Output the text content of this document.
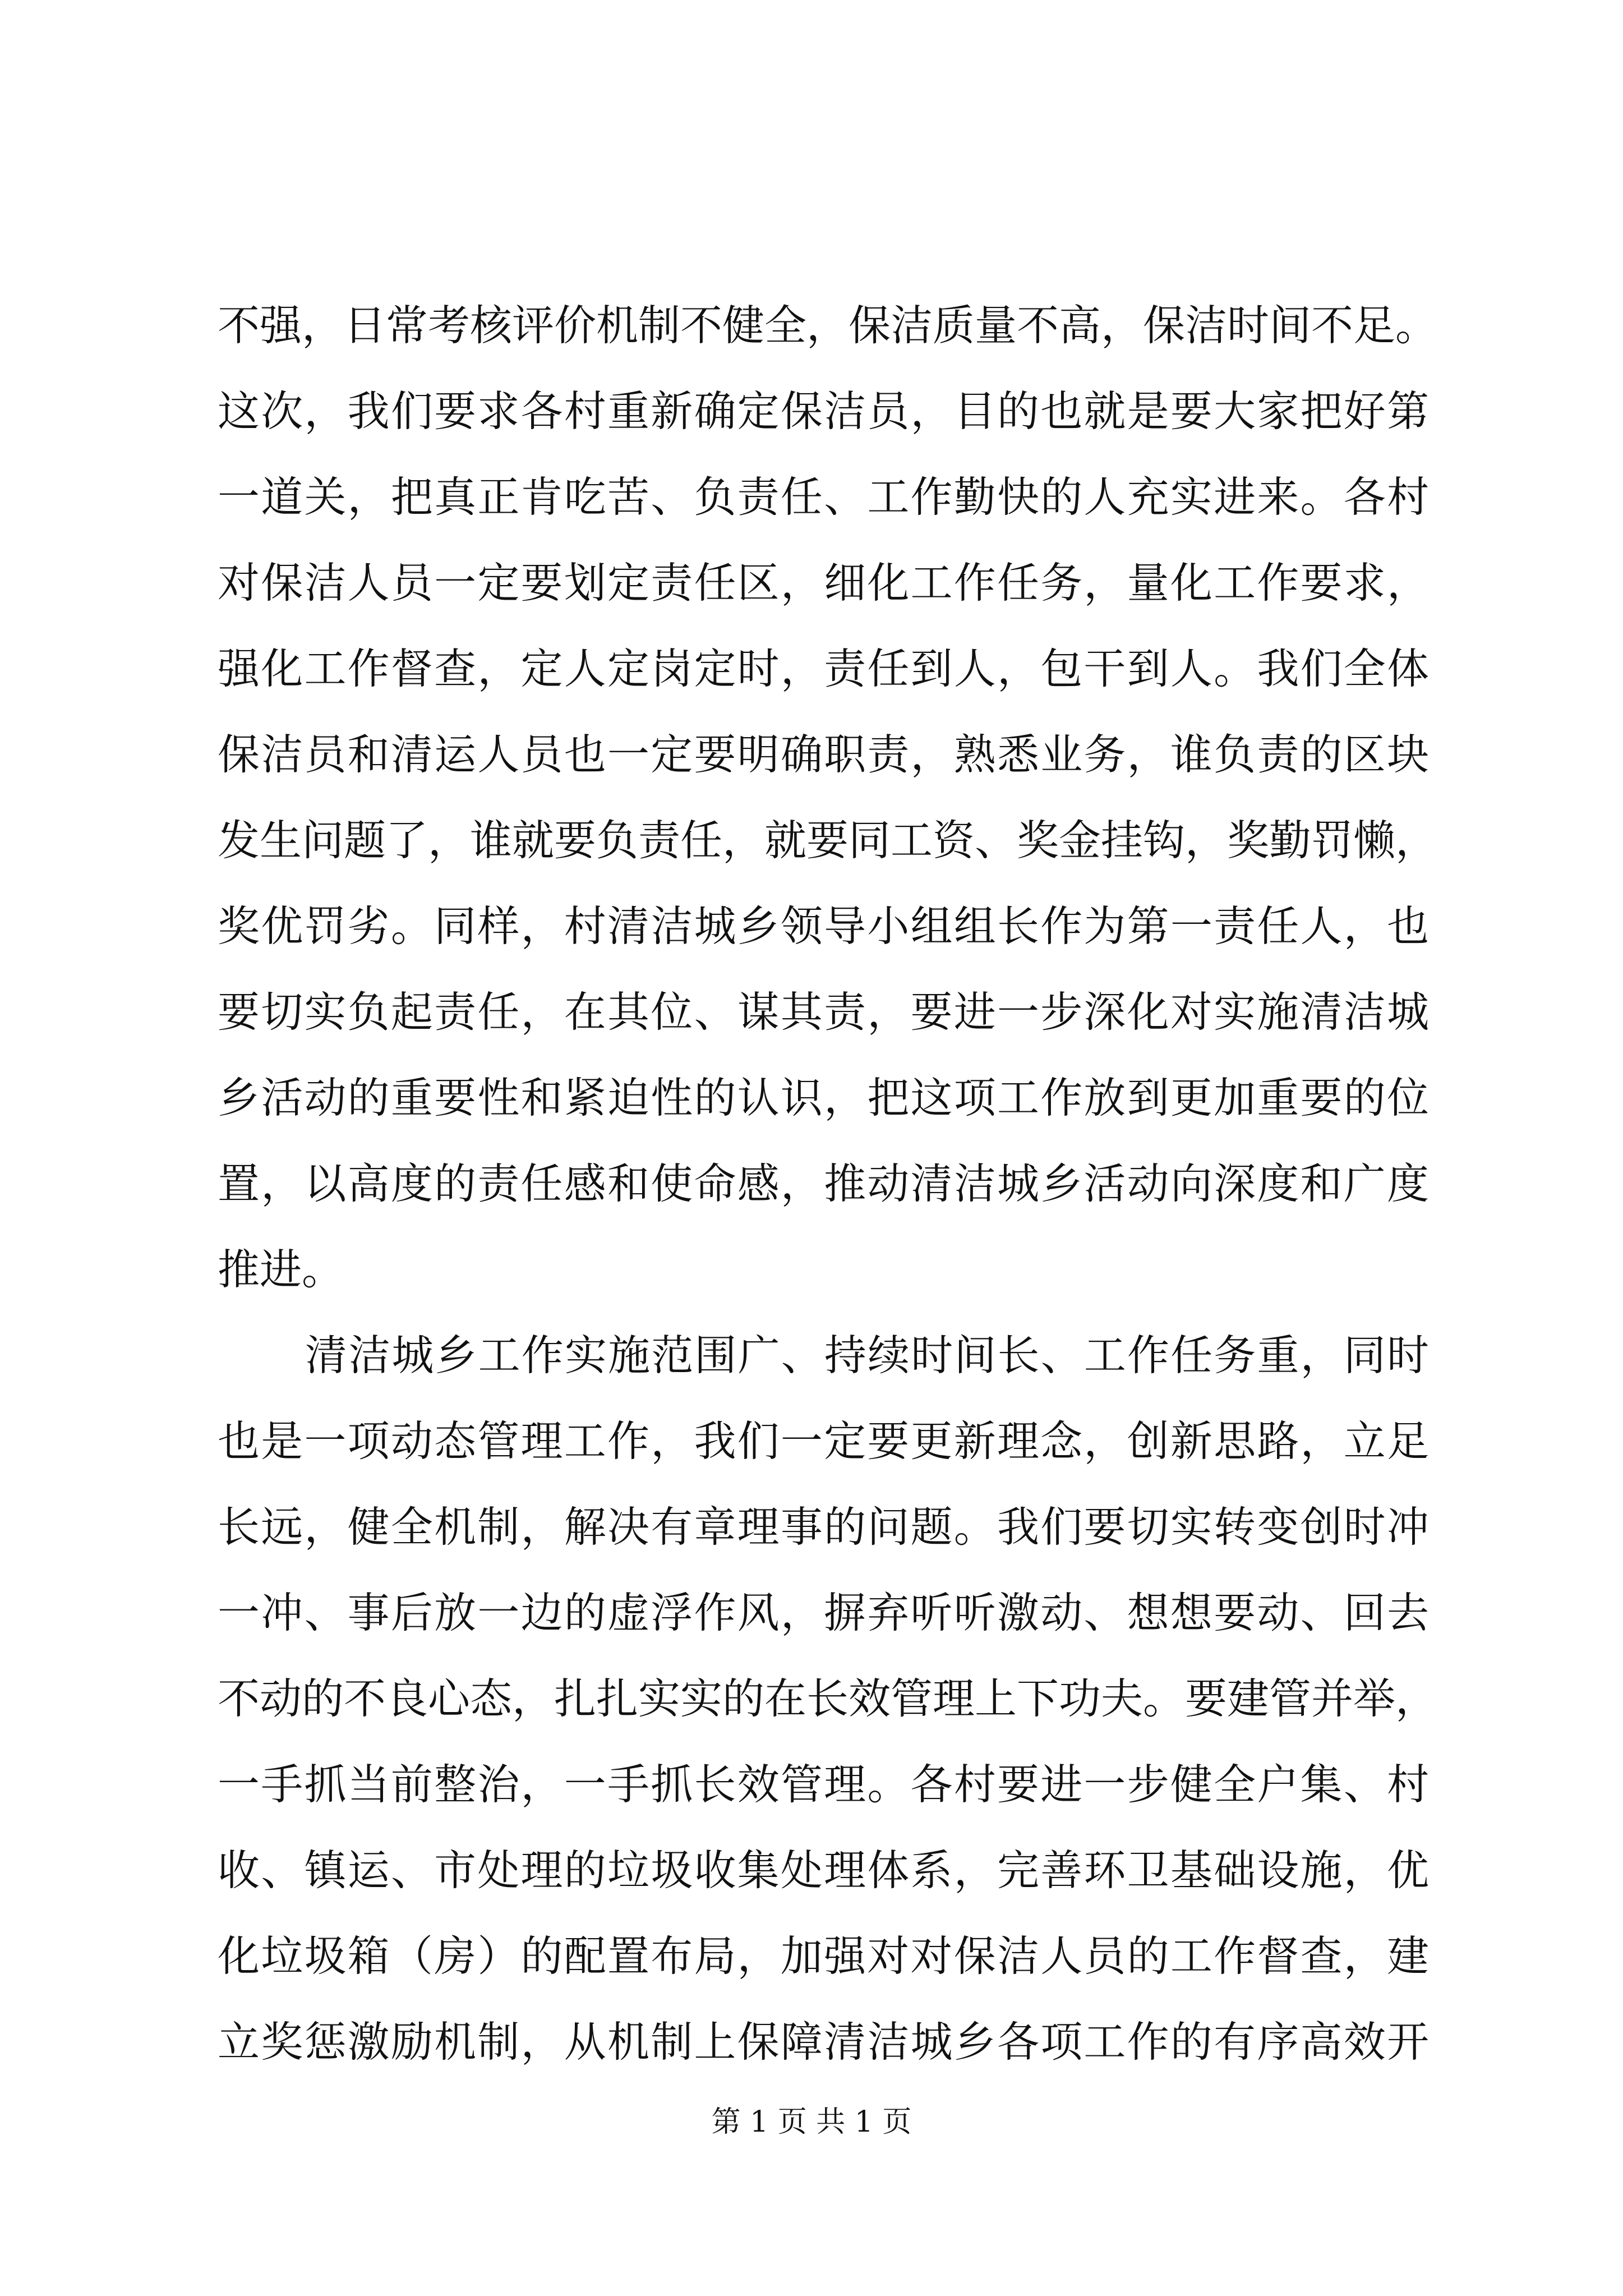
不强，日常考核评价机制不健全，保洁质量不高，保洁时间不足。
这次，我们要求各村重新确定保洁员，目的也就是要大家把好第
一道关，把真正肯吃苦、负责任、工作勤快的人充实进来。各村
对保洁人员一定要划定责任区，细化工作任务，量化工作要求，
强化工作督查，定人定岗定时，责任到人，包干到人。我们全体
保洁员和清运人员也一定要明确职责，熟悉业务，谁负责的区块
发生问题了，谁就要负责任，就要同工资、奖金挂钩，奖勤罚懒，
奖优罚劣。同样，村清洁城乡领导小组组长作为第一责任人，也
要切实负起责任，在其位、谋其责，要进一步深化对实施清洁城
乡活动的重要性和紧迫性的认识，把这项工作放到更加重要的位
置，以高度的责任感和使命感，推动清洁城乡活动向深度和广度
推进。
清洁城乡工作实施范围广、持续时间长、工作任务重，同时
也是一项动态管理工作，我们一定要更新理念，创新思路，立足
长远，健全机制，解决有章理事的问题。我们要切实转变创时冲
一冲、事后放一边的虚浮作风，摒弃听听激动、想想要动、回去
不动的不良心态，扎扎实实的在长效管理上下功夫。要建管并举，
一手抓当前整治，一手抓长效管理。各村要进一步健全户集、村
收、镇运、市处理的垃圾收集处理体系，完善环卫基础设施，优
化垃圾箱（房）的配置布局，加强对对保洁人员的工作督查，建
立奖惩激励机制，从机制上保障清洁城乡各项工作的有序高效开
第 1 页 共 1 页
